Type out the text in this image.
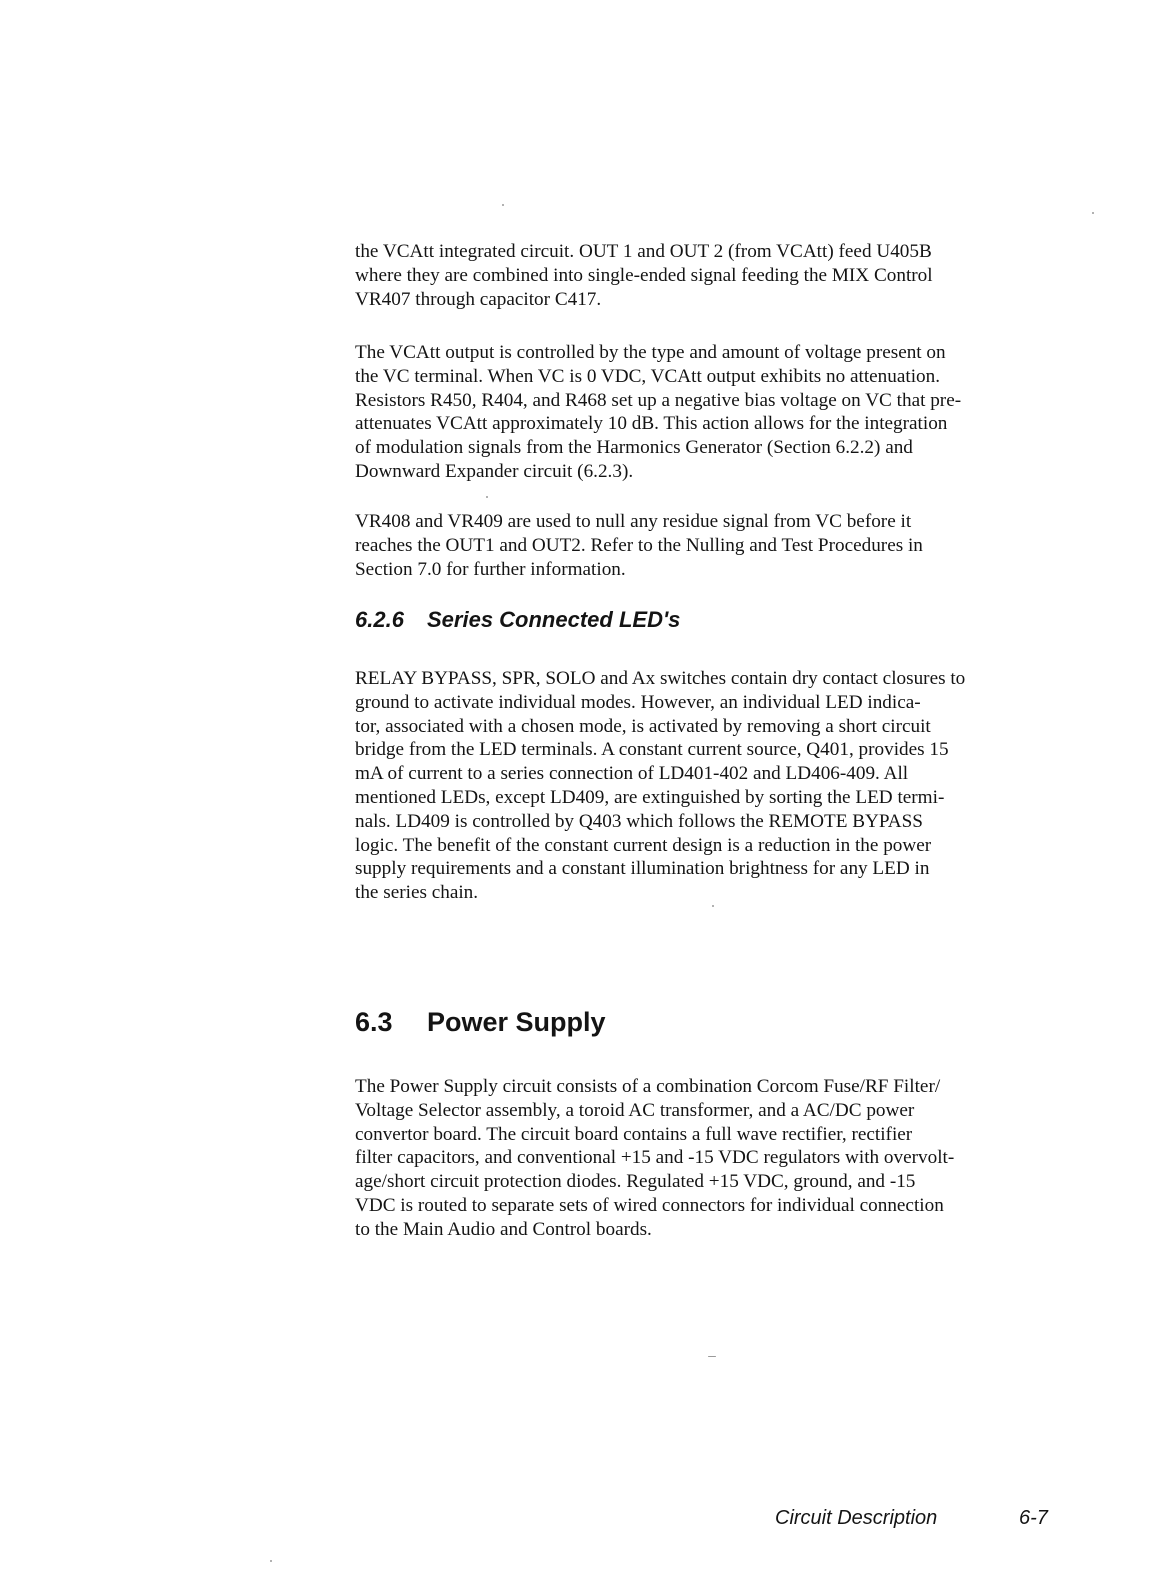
the VCAtt integrated circuit. OUT 1 and OUT 2 (from VCAtt) feed U405B
where they are combined into single-ended signal feeding the MIX Control
VR407 through capacitor C417.

The VCAtt output is controlled by the type and amount of voltage present on
the VC terminal. When VC is 0 VDC, VCAtt output exhibits no attenuation.
Resistors R450, R404, and R468 set up a negative bias voltage on VC that pre-
attenuates VCAtt approximately 10 dB. This action allows for the integration
of modulation signals from the Harmonics Generator (Section 6.2.2) and
Downward Expander circuit (6.2.3).

VR408 and VR409 are used to null any residue signal from VC before it
reaches the OUT1 and OUT2. Refer to the Nulling and Test Procedures in
Section 7.0 for further information.

6.2.6 Series Connected LED's

RELAY BYPASS, SPR, SOLO and Ax switches contain dry contact closures to
ground to activate individual modes. However, an individual LED indica-
tor, associated with a chosen mode, is activated by removing a short circuit
bridge from the LED terminals. A constant current source, Q401, provides 15
mA of current to a series connection of LD401-402 and LD406-409. All
mentioned LEDs, except LD409, are extinguished by sorting the LED termi-
nals. LD409 is controlled by Q403 which follows the REMOTE BYPASS
logic. The benefit of the constant current design is a reduction in the power
supply requirements and a constant illumination brightness for any LED in
the series chain.

6.3 Power Supply

The Power Supply circuit consists of a combination Corcom Fuse/RF Filter/
Voltage Selector assembly, a toroid AC transformer, and a AC/DC power
convertor board. The circuit board contains a full wave rectifier, rectifier
filter capacitors, and conventional +15 and -15 VDC regulators with overvolt-
age/short circuit protection diodes. Regulated +15 VDC, ground, and -15
VDC is routed to separate sets of wired connectors for individual connection
to the Main Audio and Control boards.

Circuit Description	6-7
